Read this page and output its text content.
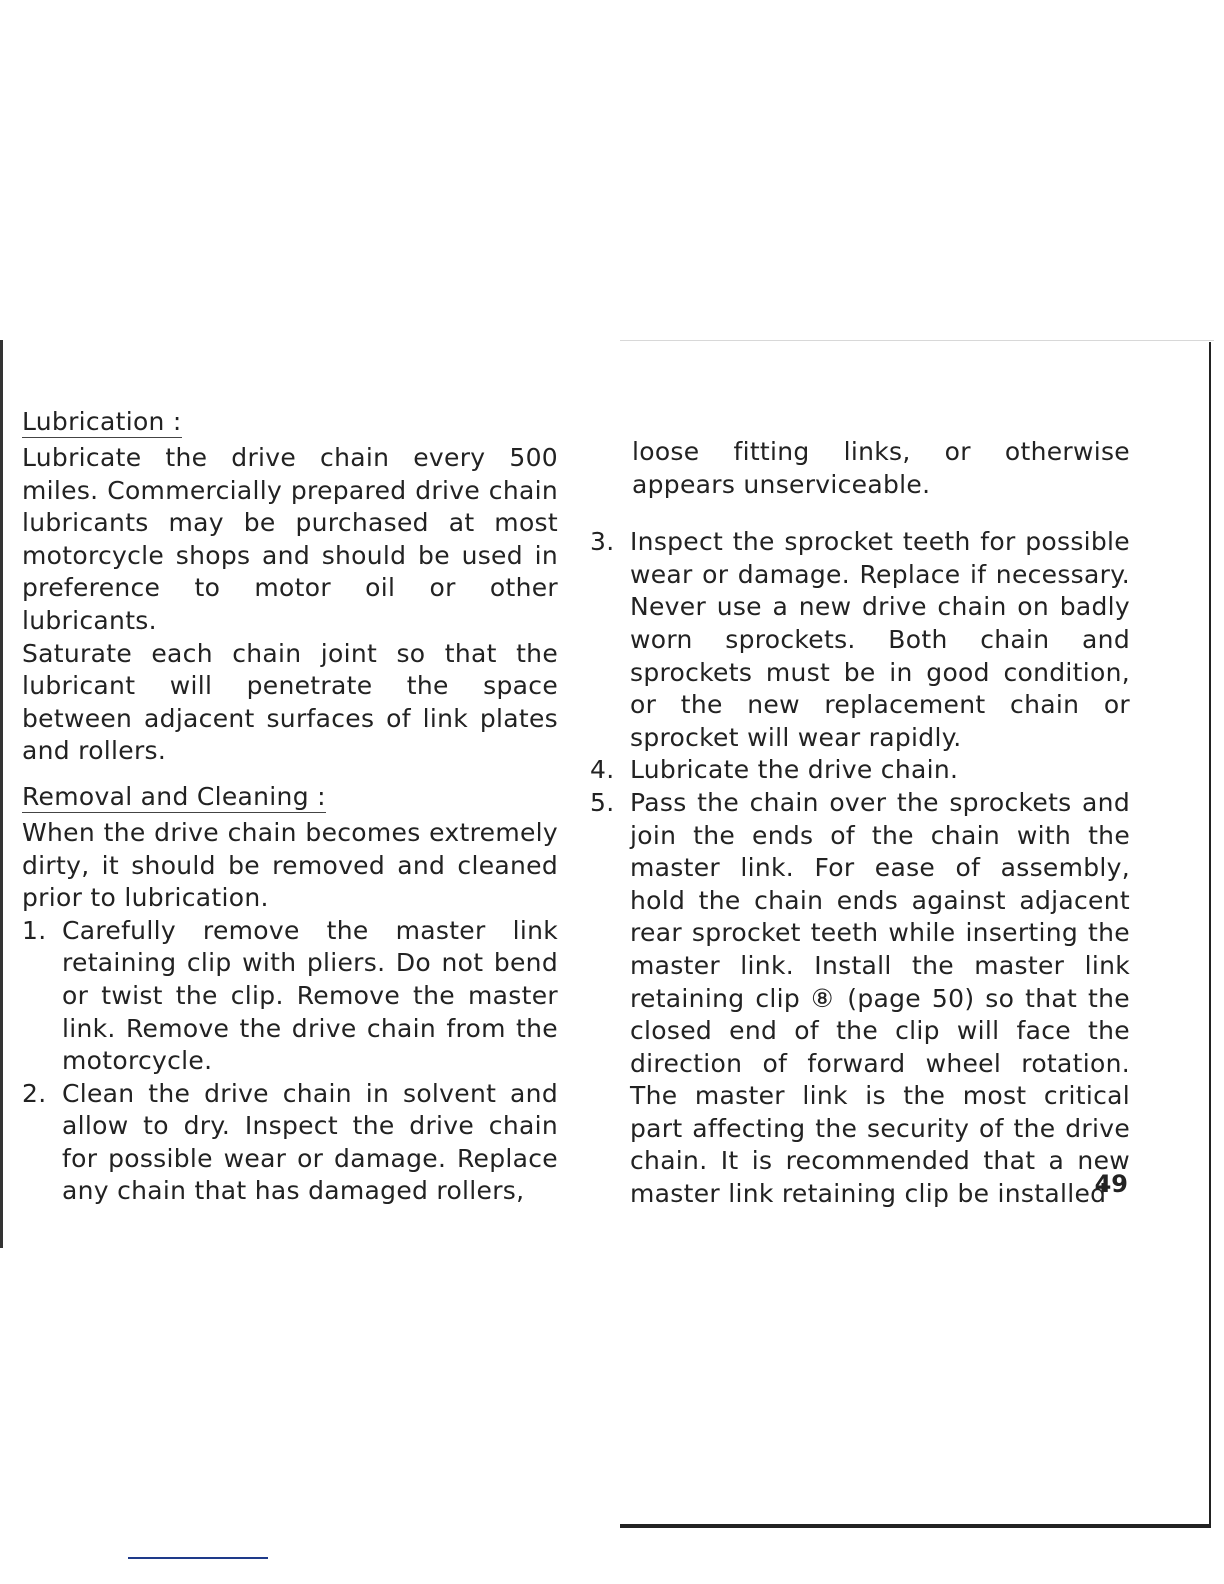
Lubrication :

Lubricate the drive chain every 500 miles. Commercially prepared drive chain lubricants may be purchased at most motorcycle shops and should be used in preference to motor oil or other lubricants.

Saturate each chain joint so that the lubricant will penetrate the space between adjacent surfaces of link plates and rollers.

Removal and Cleaning :

When the drive chain becomes extremely dirty, it should be removed and cleaned prior to lubrication.

1. Carefully remove the master link retaining clip with pliers. Do not bend or twist the clip. Remove the master link. Remove the drive chain from the motorcycle.
2. Clean the drive chain in solvent and allow to dry. Inspect the drive chain for possible wear or damage. Replace any chain that has damaged rollers,

loose fitting links, or otherwise appears unserviceable.

3. Inspect the sprocket teeth for possible wear or damage. Replace if necessary. Never use a new drive chain on badly worn sprockets. Both chain and sprockets must be in good condition, or the new replacement chain or sprocket will wear rapidly.
4. Lubricate the drive chain.
5. Pass the chain over the sprockets and join the ends of the chain with the master link. For ease of assembly, hold the chain ends against adjacent rear sprocket teeth while inserting the master link. Install the master link retaining clip ⑧ (page 50) so that the closed end of the clip will face the direction of forward wheel rotation. The master link is the most critical part affecting the security of the drive chain. It is recommended that a new master link retaining clip be installed
49
